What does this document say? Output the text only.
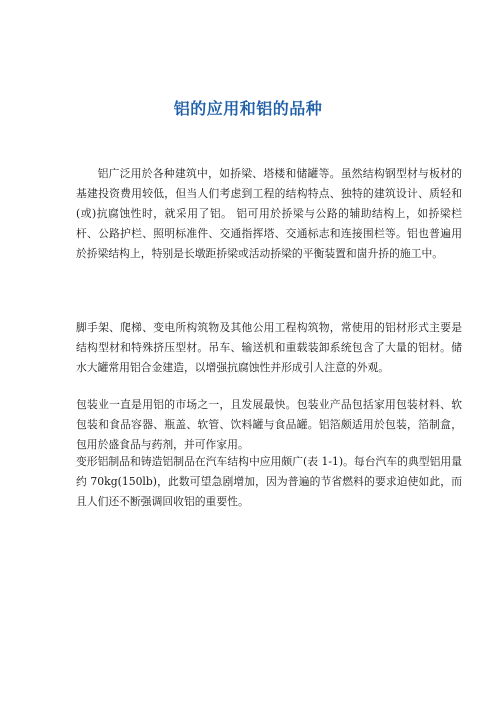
铝的应用和铝的品种

铝广泛用於各种建筑中，如挢梁、塔楼和储罐等。虽然结构钢型材与板材的基建投资费用较低，但当人们考虑到工程的结构特点、独特的建筑设计、质轻和(或)抗腐蚀性时，就采用了铝。 铝可用於挢梁与公路的辅助结构上，如挢梁栏杆、公路护栏、照明标准件、交通指挥塔、交通标志和连接围栏等。铝也普遍用於挢梁结构上，特别是长墩距挢梁或活动挢梁的平衡装置和崮升挢的施工中。

脚手架、爬梯、变电所构筑物及其他公用工程构筑物，常使用的铝材形式主要是结构型材和特殊挤压型材。吊车、输送机和重载装卸系统包含了大量的铝材。储水大罐常用铝合金建造，以增强抗腐蚀性并形成引人注意的外观。

包装业一直是用铝的市场之一，且发展最快。包装业产品包括家用包装材料、软包装和食品容器、瓶盖、软管、饮料罐与食品罐。铝箔颇适用於包装，箔制盒，包用於盛食品与药剂，并可作家用。

变形铝制品和铸造铝制品在汽车结构中应用颇广(表 1-1)。每台汽车的典型铝用量约 70kg(150lb)，此数可望急剧增加，因为普遍的节省燃料的要求迫使如此，而且人们还不断强调回收铝的重要性。
